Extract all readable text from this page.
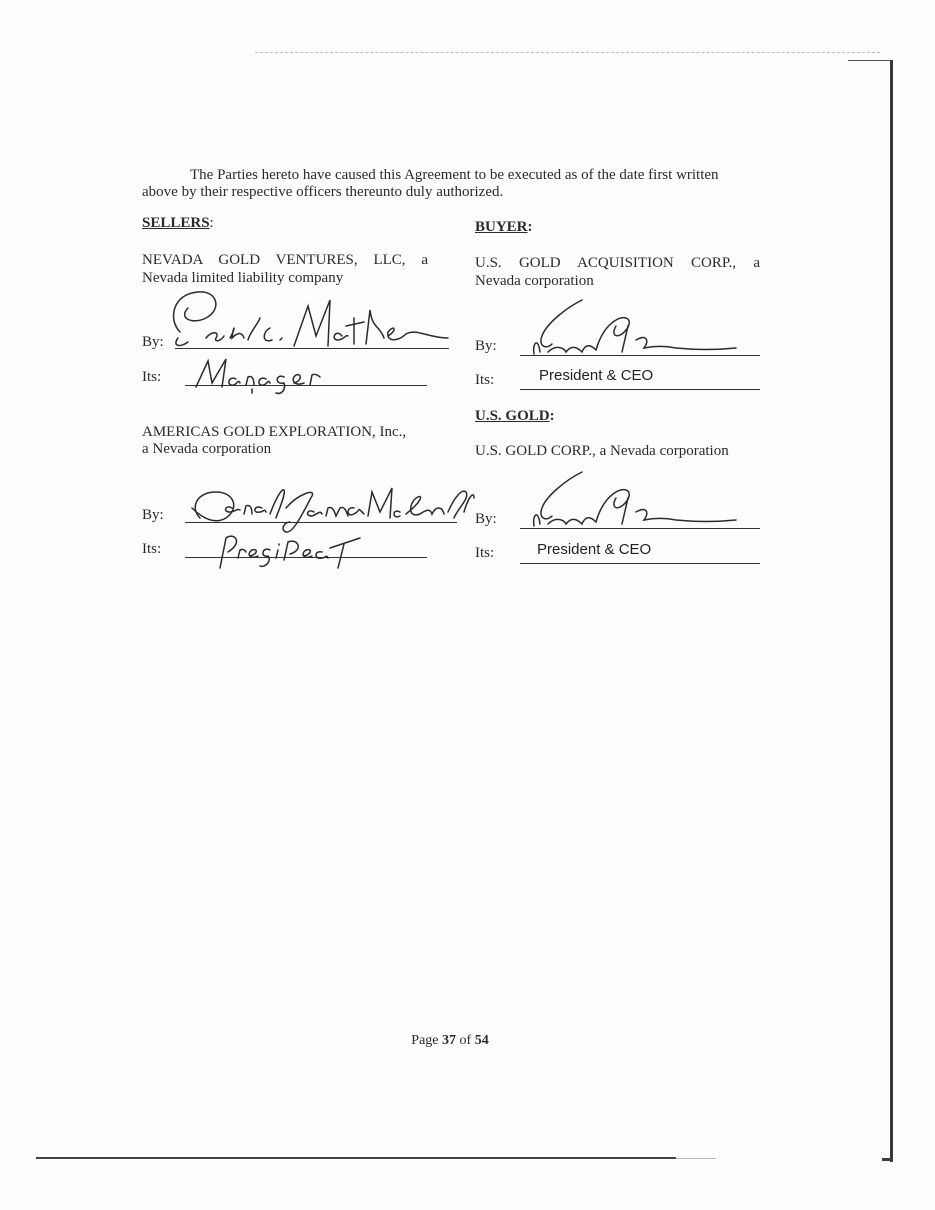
The Parties hereto have caused this Agreement to be executed as of the date first written
above by their respective officers thereunto duly authorized.
SELLERS:	BUYER:
NEVADA GOLD VENTURES, LLC, a
Nevada limited liability company
U.S. GOLD ACQUISITION CORP., a
Nevada corporation
By:
Its:
By:
Its:	President & CEO
U.S. GOLD:
AMERICAS GOLD EXPLORATION, Inc.,
a Nevada corporation	U.S. GOLD CORP., a Nevada corporation
By:
Its:
By:
Its:	President & CEO
Page 37 of 54
